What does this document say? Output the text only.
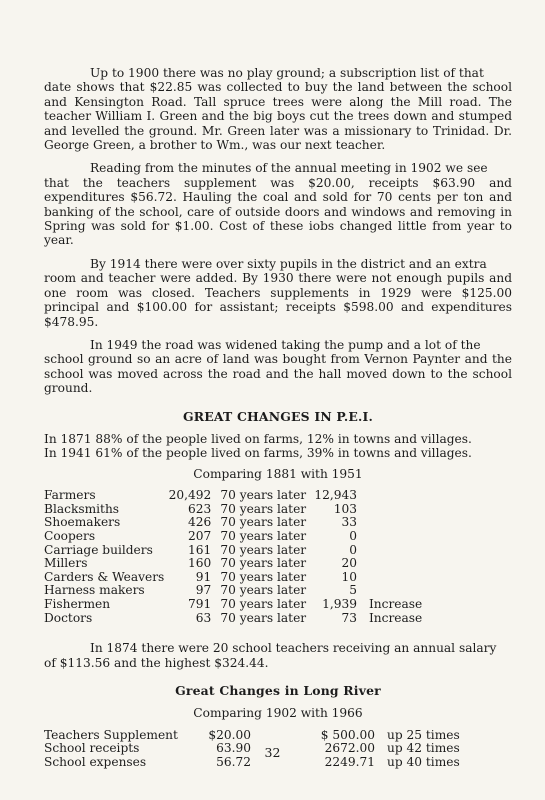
Up to 1900 there was no play ground; a subscription list of that
date shows that $22.85 was collected to buy the land between the school and Kensington Road. Tall spruce trees were along the Mill road. The teacher William I. Green and the big boys cut the trees down and stumped and levelled the ground. Mr. Green later was a missionary to Trinidad. Dr. George Green, a brother to Wm., was our next teacher.

Reading from the minutes of the annual meeting in 1902 we see
that the teachers supplement was $20.00, receipts $63.90 and expenditures $56.72. Hauling the coal and sold for 70 cents per ton and banking of the school, care of outside doors and windows and removing in Spring was sold for $1.00. Cost of these iobs changed little from year to year.

By 1914 there were over sixty pupils in the district and an extra
room and teacher were added. By 1930 there were not enough pupils and one room was closed. Teachers supplements in 1929 were $125.00 principal and $100.00 for assistant; receipts $598.00 and expenditures $478.95.

In 1949 the road was widened taking the pump and a lot of the
school ground so an acre of land was bought from Vernon Paynter and the school was moved across the road and the hall moved down to the school ground.

GREAT CHANGES IN P.E.I.
In 1871 88% of the people lived on farms, 12% in towns and villages.
In 1941 61% of the people lived on farms, 39% in towns and villages.
Comparing 1881 with 1951
Farmers	20,492	70 years later	12,943	
Blacksmiths	623	70 years later	103	
Shoemakers	426	70 years later	33	
Coopers	207	70 years later	0	
Carriage builders	161	70 years later	0	
Millers	160	70 years later	20	
Carders & Weavers	91	70 years later	10	
Harness makers	97	70 years later	5	
Fishermen	791	70 years later	1,939	Increase
Doctors	63	70 years later	73	Increase

In 1874 there were 20 school teachers receiving an annual salary
of $113.56 and the highest $324.44.

Great Changes in Long River
Comparing 1902 with 1966
Teachers Supplement	$20.00	$ 500.00	up 25 times
School receipts	63.90	2672.00	up 42 times
School expenses	56.72	2249.71	up 40 times
32
